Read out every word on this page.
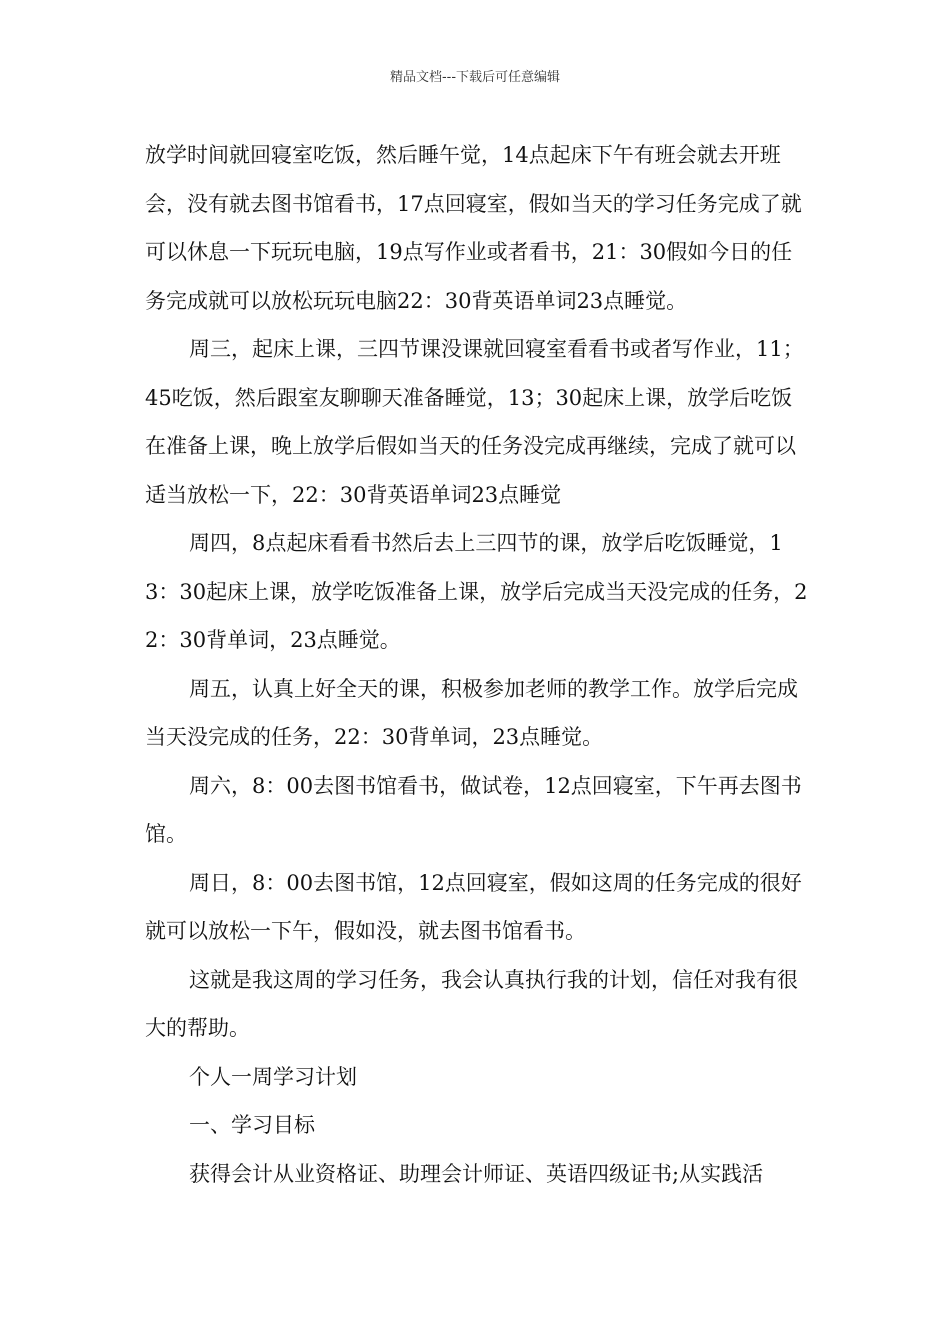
精品文档---下载后可任意编辑

放学时间就回寝室吃饭，然后睡午觉，14点起床下午有班会就去开班会，没有就去图书馆看书，17点回寝室，假如当天的学习任务完成了就可以休息一下玩玩电脑，19点写作业或者看书，21：30假如今日的任务完成就可以放松玩玩电脑22：30背英语单词23点睡觉。

周三，起床上课，三四节课没课就回寝室看看书或者写作业，11；45吃饭，然后跟室友聊聊天准备睡觉，13；30起床上课，放学后吃饭在准备上课，晚上放学后假如当天的任务没完成再继续，完成了就可以适当放松一下，22：30背英语单词23点睡觉

周四，8点起床看看书然后去上三四节的课，放学后吃饭睡觉，13：30起床上课，放学吃饭准备上课，放学后完成当天没完成的任务，22：30背单词，23点睡觉。

周五，认真上好全天的课，积极参加老师的教学工作。放学后完成当天没完成的任务，22：30背单词，23点睡觉。

周六，8：00去图书馆看书，做试卷，12点回寝室，下午再去图书馆。

周日，8：00去图书馆，12点回寝室，假如这周的任务完成的很好就可以放松一下午，假如没，就去图书馆看书。

这就是我这周的学习任务，我会认真执行我的计划，信任对我有很大的帮助。

个人一周学习计划

一、学习目标

获得会计从业资格证、助理会计师证、英语四级证书;从实践活
